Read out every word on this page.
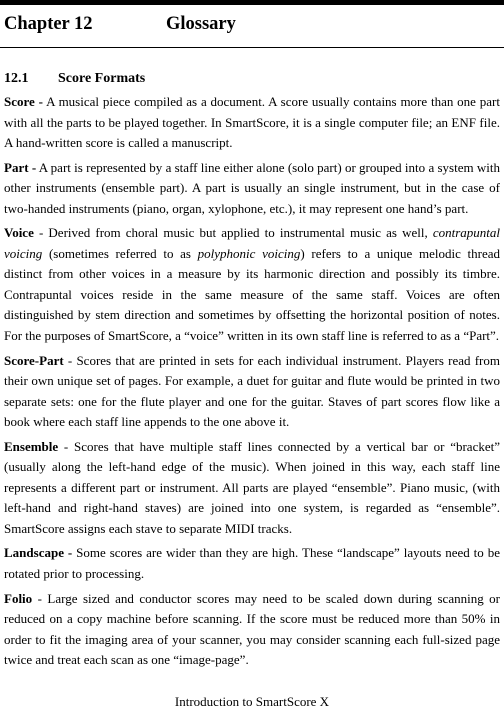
Chapter 12	Glossary
12.1 Score Formats

Score - A musical piece compiled as a document. A score usually contains more than one part with all the parts to be played together. In SmartScore, it is a single computer file; an ENF file. A hand-written score is called a manuscript.

Part - A part is represented by a staff line either alone (solo part) or grouped into a system with other instruments (ensemble part). A part is usually an single instrument, but in the case of two-handed instruments (piano, organ, xylophone, etc.), it may represent one hand’s part.

Voice - Derived from choral music but applied to instrumental music as well, contrapuntal voicing (sometimes referred to as polyphonic voicing) refers to a unique melodic thread distinct from other voices in a measure by its harmonic direction and possibly its timbre. Contrapuntal voices reside in the same measure of the same staff. Voices are often distinguished by stem direction and sometimes by offsetting the horizontal position of notes. For the purposes of SmartScore, a “voice” written in its own staff line is referred to as a “Part”.

Score-Part - Scores that are printed in sets for each individual instrument. Players read from their own unique set of pages. For example, a duet for guitar and flute would be printed in two separate sets: one for the flute player and one for the guitar. Staves of part scores flow like a book where each staff line appends to the one above it.

Ensemble - Scores that have multiple staff lines connected by a vertical bar or “bracket” (usually along the left-hand edge of the music). When joined in this way, each staff line represents a different part or instrument. All parts are played “ensemble”. Piano music, (with left-hand and right-hand staves) are joined into one system, is regarded as “ensemble”. SmartScore assigns each stave to separate MIDI tracks.

Landscape - Some scores are wider than they are high. These “landscape” layouts need to be rotated prior to processing.

Folio - Large sized and conductor scores may need to be scaled down during scanning or reduced on a copy machine before scanning. If the score must be reduced more than 50% in order to fit the imaging area of your scanner, you may consider scanning each full-sized page twice and treat each scan as one “image-page”.

Introduction to SmartScore X
